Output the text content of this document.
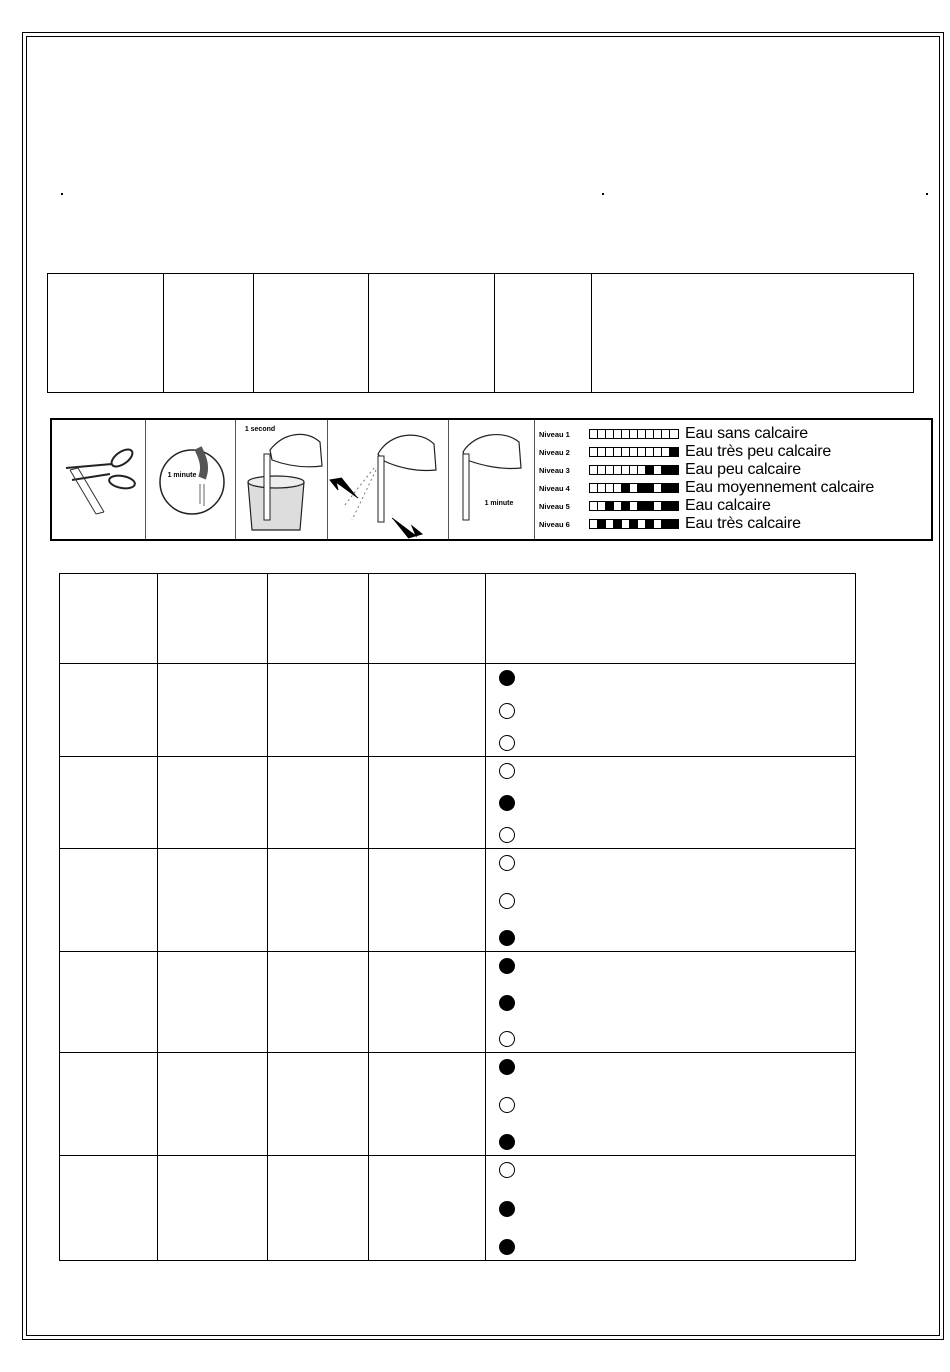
1 minute
1 second
1 minute
Niveau 1	Eau sans calcaire
Niveau 2	Eau très peu calcaire
Niveau 3	Eau peu calcaire
Niveau 4	Eau moyennement calcaire
Niveau 5	Eau calcaire
Niveau 6	Eau très calcaire
